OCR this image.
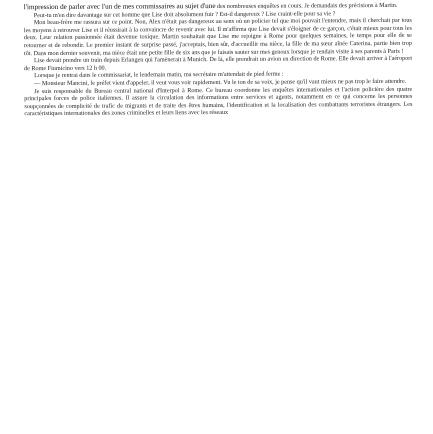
l'impression de parler avec l'un de mes commissaires au sujet d'une des nombreuses enquêtes en cours. Je demandais des précisions à Martin.

Peut-tu m'en dire davantage sur cet homme que Lise doit absolument fuir ? Est-il dangereux ? Lise craint-elle pour sa vie ?

Mon beau-frère me rassura sur ce point. Non, Alex n'était pas dangereux au sens où un policier tel que moi pouvait l'entendre, mais il cherchait par tous les moyens à retrouver Lise et il réussirait à la convaincre de revenir avec lui. Il m'affirma que Lise devait s'éloigner de ce garçon, c'était mieux pour tous les deux. Leur relation passionnée était devenue toxique. Martin souhaitait que Lise me rejoigne à Rome pour quelques semaines, le temps pour elle de se retourner et de rebondir. Le premier instant de surprise passé, j'acceptais, bien sûr, d'accueillir ma nièce, la fille de ma sœur aînée Caterina, partie bien trop tôt. Dans mon dernier souvenir, ma nièce était une petite fille de six ans que je faisais sauter sur mes genoux lorsque je rendais visite à ses parents à Paris !

Lise devait prendre un train depuis Erlangen qui l'amènerait à Munich. De là, elle prendrait un avion en direction de Rome. Elle devait arriver à l'aéroport de Rome Fiumicino vers 12 h 00.

Lorsque je rentrai dans le commissariat, le lendemain matin, ma secrétaire m'attendait de pied ferme :

— Monsieur Mancini, le préfet vient d'appeler, il veut vous voir rapidement. Vu le ton de sa voix, je pense qu'il vaut mieux ne pas trop le faire attendre.

Je suis responsable du Bureau central national d'Interpol à Rome. Ce bureau coordonne les enquêtes internationales et l'action policière des quatre principales forces de police italiennes. Il assure la circulation des informations entre services et agents, notamment en ce qui concerne les personnes soupçonnées de complicité de trafic de migrants et de traite des êtres humains, l'identification et la localisation des combattants terroristes étrangers. Les caractéristiques internationales des zones criminelles et leurs liens avec les réseaux
